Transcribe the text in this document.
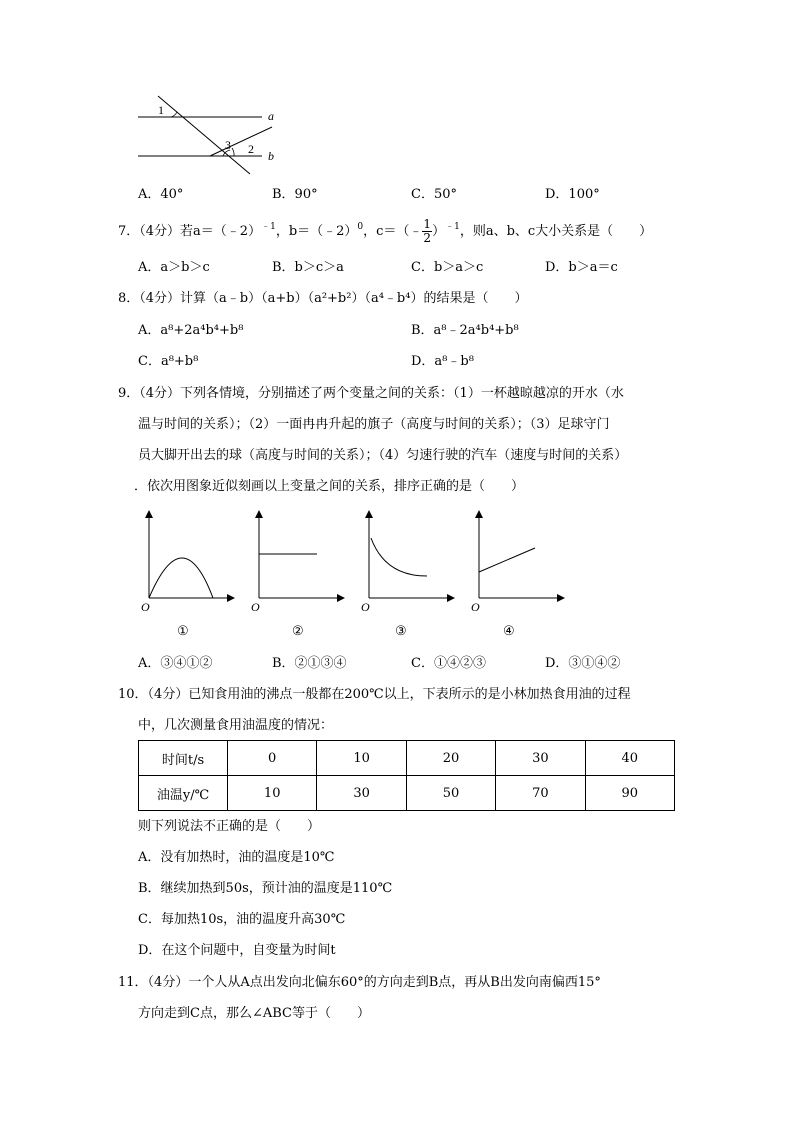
1
3 2
a
b
A．40°	B．90°	C．50°	D．100°
7．（4分）若a＝（﹣2）$^{﹣1}$，b＝（﹣2）$^0$，c＝（﹣ $\frac{1}{2} )^{﹣1}$，则a、b、c大小关系是（　　）
A．a＞b＞c	B．b＞c＞a	C．b＞a＞c	D．b＞a＝c
8．（4分）计算（a﹣b）（a+b）（a²+b²）（a⁴﹣b⁴）的结果是（　　）
A．a⁸+2a⁴b⁴+b⁸	B．a⁸﹣2a⁴b⁴+b⁸
C．a⁸+b⁸	D．a⁸﹣b⁸
9．（4分）下列各情境，分别描述了两个变量之间的关系：（1）一杯越晾越凉的开水（水
温与时间的关系）；（2）一面冉冉升起的旗子（高度与时间的关系）；（3）足球守门
员大脚开出去的球（高度与时间的关系）；（4）匀速行驶的汽车（速度与时间的关系）
．依次用图象近似刻画以上变量之间的关系，排序正确的是（　　）
O	O	O	O
①	②	③	④
A．③④①②	B．②①③④	C．①④②③	D．③①④②
10．（4分）已知食用油的沸点一般都在200℃以上，下表所示的是小林加热食用油的过程
中，几次测量食用油温度的情况：
时间t/s	0	10	20	30	40
油温y/℃	10	30	50	70	90
则下列说法不正确的是（　　）
A．没有加热时，油的温度是10℃
B．继续加热到50s，预计油的温度是110℃
C．每加热10s，油的温度升高30℃
D．在这个问题中，自变量为时间t
11．（4分）一个人从A点出发向北偏东60°的方向走到B点，再从B出发向南偏西15°
方向走到C点，那么∠ABC等于（　　）
